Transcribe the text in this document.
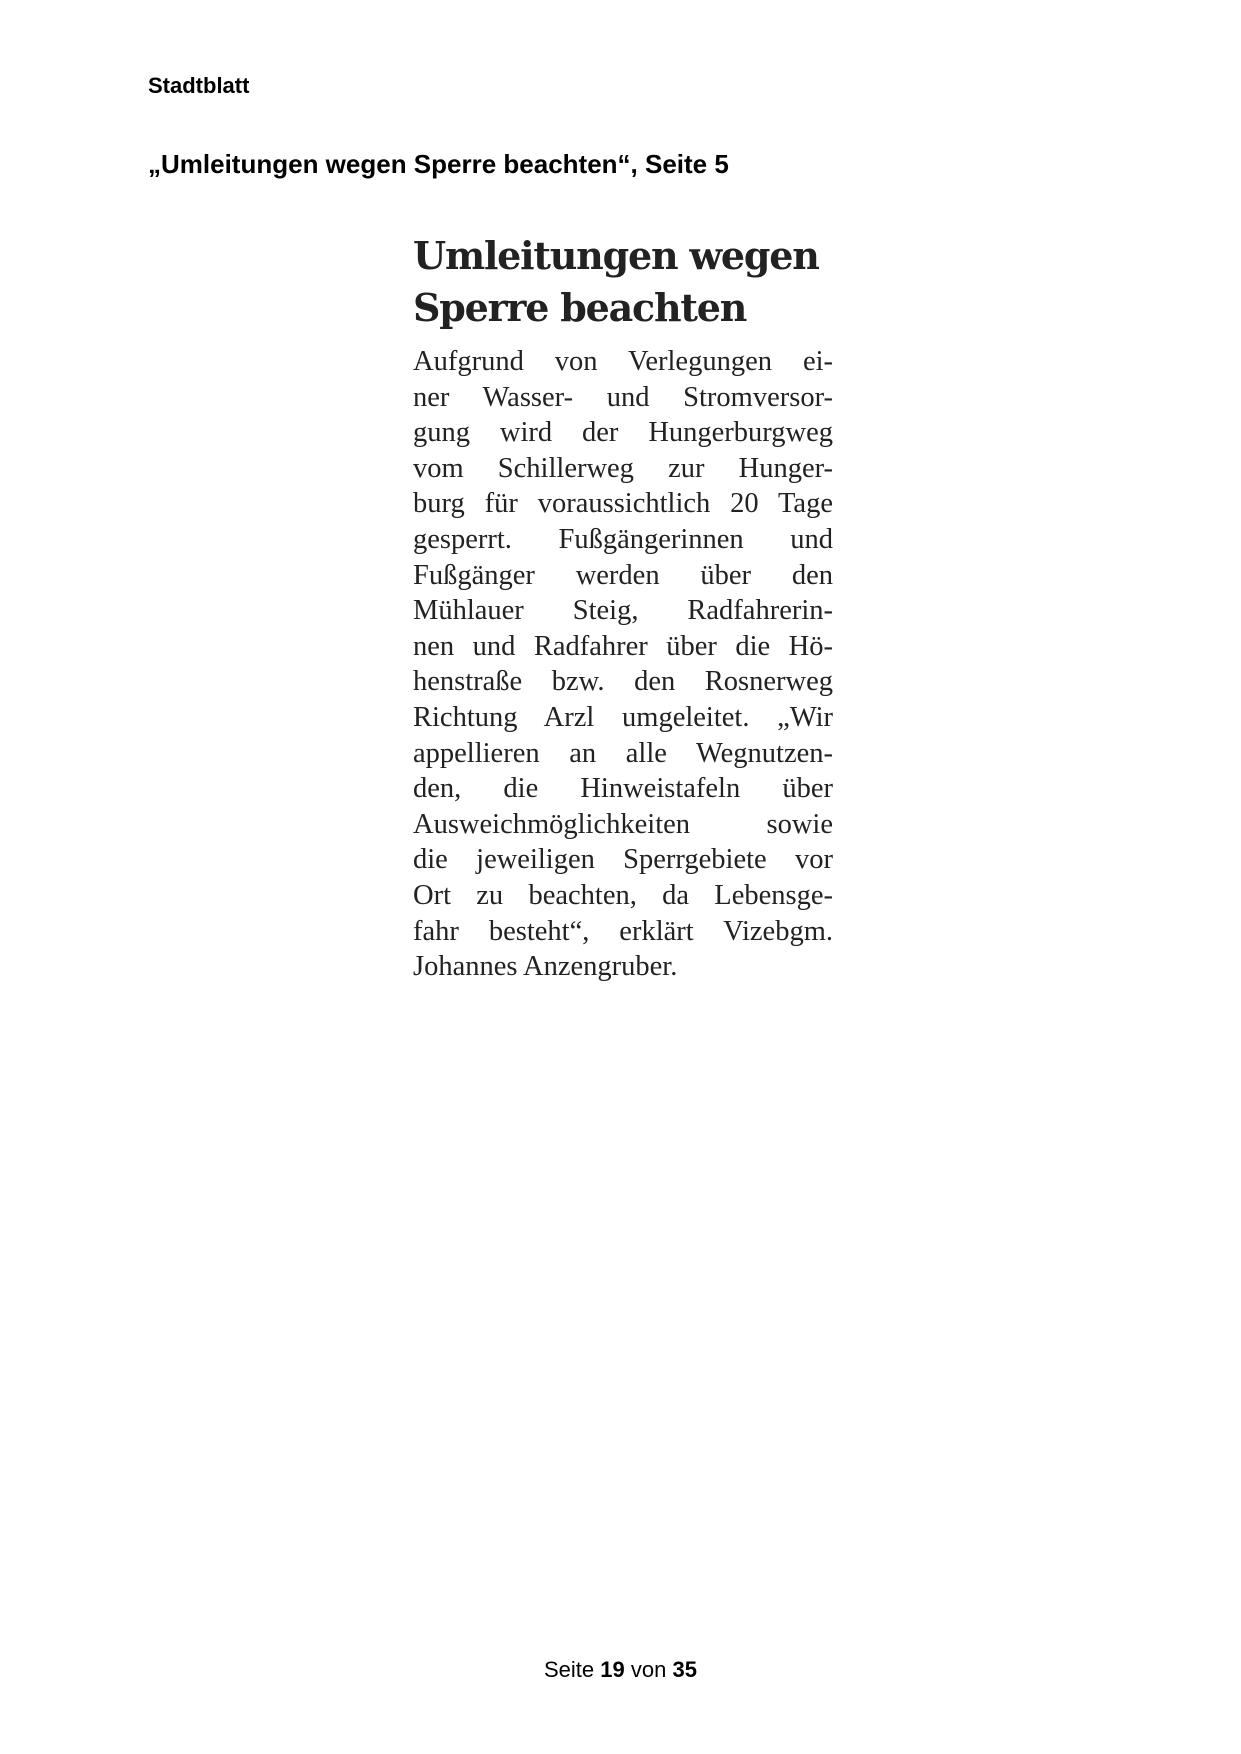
Stadtblatt
„Umleitungen wegen Sperre beachten“, Seite 5
Umleitungen wegen
Sperre beachten

Aufgrund von Verlegungen ei-
ner Wasser- und Stromversor-
gung wird der Hungerburgweg
vom Schillerweg zur Hunger-
burg für voraussichtlich 20 Tage
gesperrt. Fußgängerinnen und
Fußgänger werden über den
Mühlauer Steig, Radfahrerin-
nen und Radfahrer über die Hö-
henstraße bzw. den Rosnerweg
Richtung Arzl umgeleitet. „Wir
appellieren an alle Wegnutzen-
den, die Hinweistafeln über
Ausweichmöglichkeiten sowie
die jeweiligen Sperrgebiete vor
Ort zu beachten, da Lebensge-
fahr besteht“, erklärt Vizebgm.
Johannes Anzengruber.

Seite 19 von 35
